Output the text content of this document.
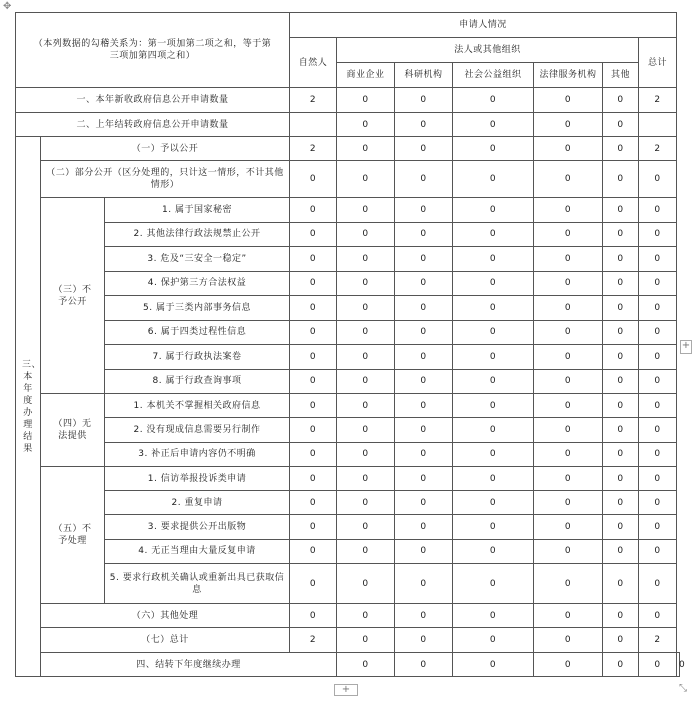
✥
（本列数据的勾稽关系为：第一项加第二项之和，等于第三项加第四项之和）			申请人情况							
			自然人	法人或其他组织					总计	
				商业企业	科研机构	社会公益组织	法律服务机构	其他		
一、本年新收政府信息公开申请数量			2	0	0	0	0	0	2	
二、上年结转政府信息公开申请数量				0	0	0	0	0		
三、本年度办理结果	（一）予以公开		2	0	0	0	0	0	2	
	（二）部分公开（区分处理的，只计这一情形，不计其他情形）		0	0	0	0	0	0	0	
	（三）不予公开	1. 属于国家秘密	0	0	0	0	0	0	0	
		2. 其他法律行政法规禁止公开	0	0	0	0	0	0	0	
		3. 危及“三安全一稳定”	0	0	0	0	0	0	0	
		4. 保护第三方合法权益	0	0	0	0	0	0	0	
		5. 属于三类内部事务信息	0	0	0	0	0	0	0	
		6. 属于四类过程性信息	0	0	0	0	0	0	0	
		7. 属于行政执法案卷	0	0	0	0	0	0	0	
		8. 属于行政查询事项	0	0	0	0	0	0	0	
	（四）无法提供	1. 本机关不掌握相关政府信息	0	0	0	0	0	0	0	
		2. 没有现成信息需要另行制作	0	0	0	0	0	0	0	
		3. 补正后申请内容仍不明确	0	0	0	0	0	0	0	
	（五）不予处理	1. 信访举报投诉类申请	0	0	0	0	0	0	0	
		2. 重复申请	0	0	0	0	0	0	0	
		3. 要求提供公开出版物	0	0	0	0	0	0	0	
		4. 无正当理由大量反复申请	0	0	0	0	0	0	0	
		5. 要求行政机关确认或重新出具已获取信息	0	0	0	0	0	0	0	
	（六）其他处理		0	0	0	0	0	0	0	
	（七）总计		2	0	0	0	0	0	2	
	四、结转下年度继续办理			0	0	0	0	0	0	0
+
+	⤡
